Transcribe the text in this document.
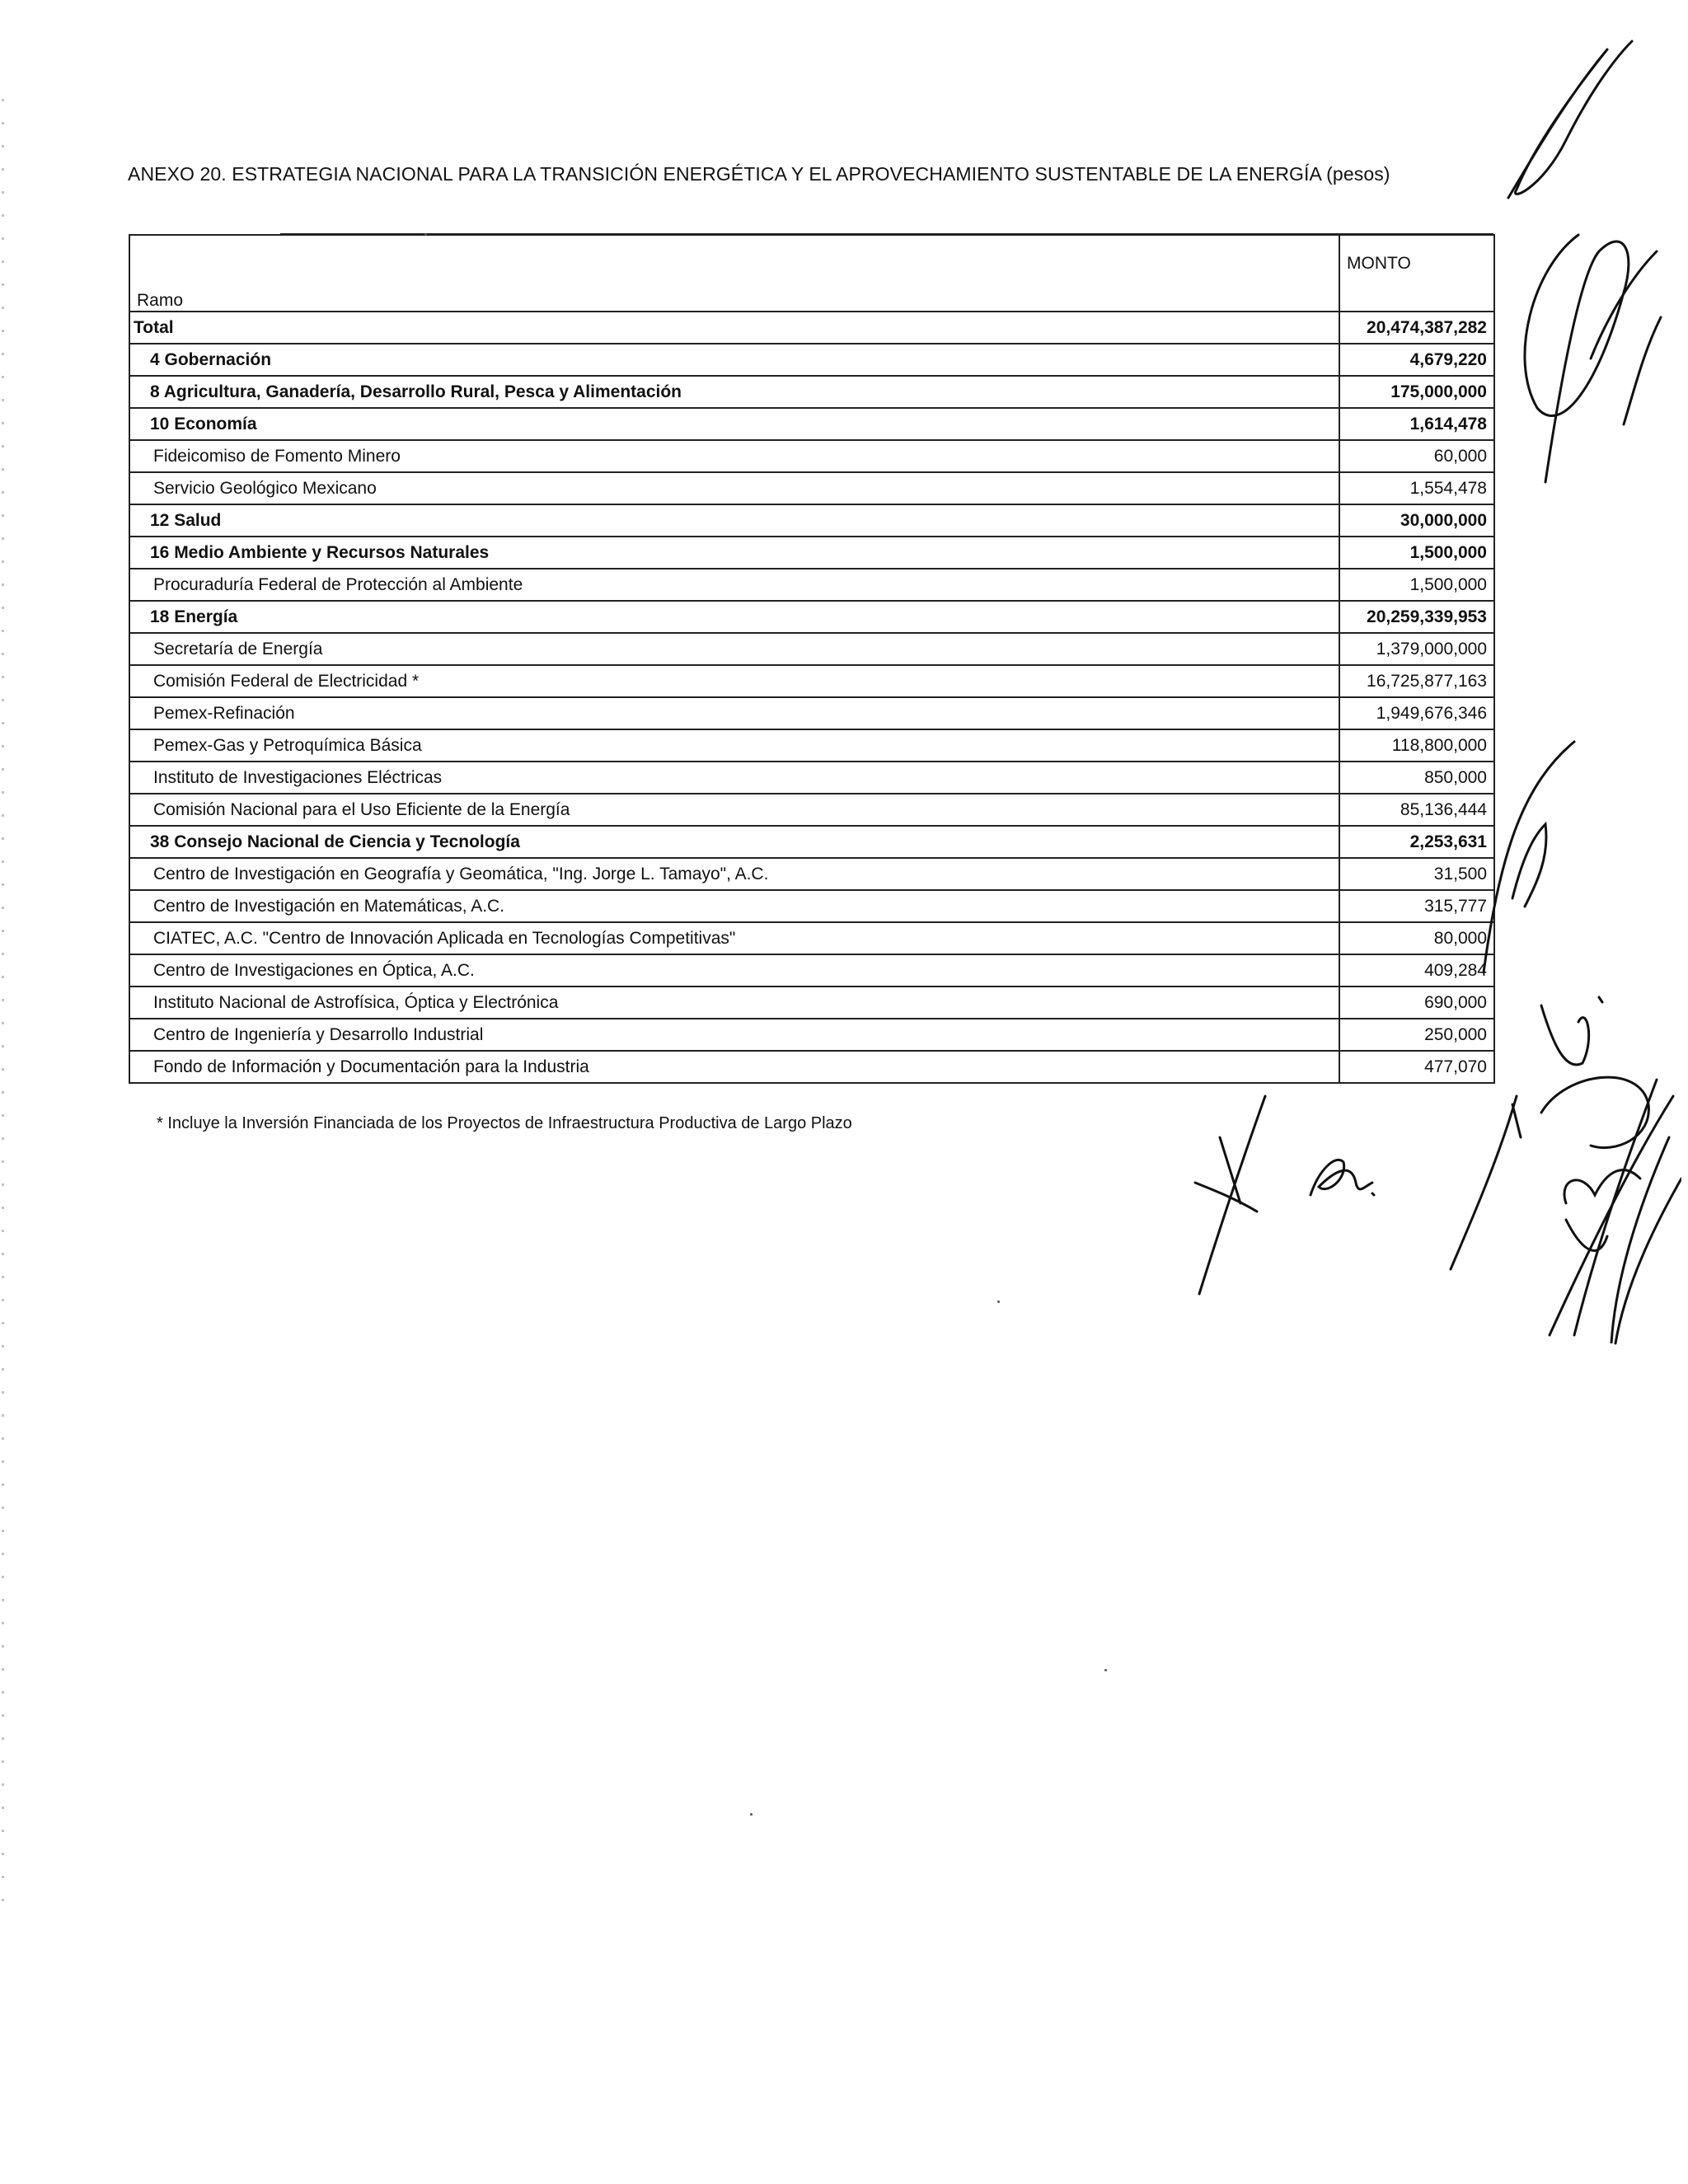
ANEXO 20. ESTRATEGIA NACIONAL PARA LA TRANSICIÓN ENERGÉTICA Y EL APROVECHAMIENTO SUSTENTABLE DE LA ENERGÍA (pesos)
Ramo	MONTO
Total	20,474,387,282
4 Gobernación	4,679,220
8 Agricultura, Ganadería, Desarrollo Rural, Pesca y Alimentación	175,000,000
10 Economía	1,614,478
Fideicomiso de Fomento Minero	60,000
Servicio Geológico Mexicano	1,554,478
12 Salud	30,000,000
16 Medio Ambiente y Recursos Naturales	1,500,000
Procuraduría Federal de Protección al Ambiente	1,500,000
18 Energía	20,259,339,953
Secretaría de Energía	1,379,000,000
Comisión Federal de Electricidad *	16,725,877,163
Pemex-Refinación	1,949,676,346
Pemex-Gas y Petroquímica Básica	118,800,000
Instituto de Investigaciones Eléctricas	850,000
Comisión Nacional para el Uso Eficiente de la Energía	85,136,444
38 Consejo Nacional de Ciencia y Tecnología	2,253,631
Centro de Investigación en Geografía y Geomática, "Ing. Jorge L. Tamayo", A.C.	31,500
Centro de Investigación en Matemáticas, A.C.	315,777
CIATEC, A.C. "Centro de Innovación Aplicada en Tecnologías Competitivas"	80,000
Centro de Investigaciones en Óptica, A.C.	409,284
Instituto Nacional de Astrofísica, Óptica y Electrónica	690,000
Centro de Ingeniería y Desarrollo Industrial	250,000
Fondo de Información y Documentación para la Industria	477,070
* Incluye la Inversión Financiada de los Proyectos de Infraestructura Productiva de Largo Plazo
